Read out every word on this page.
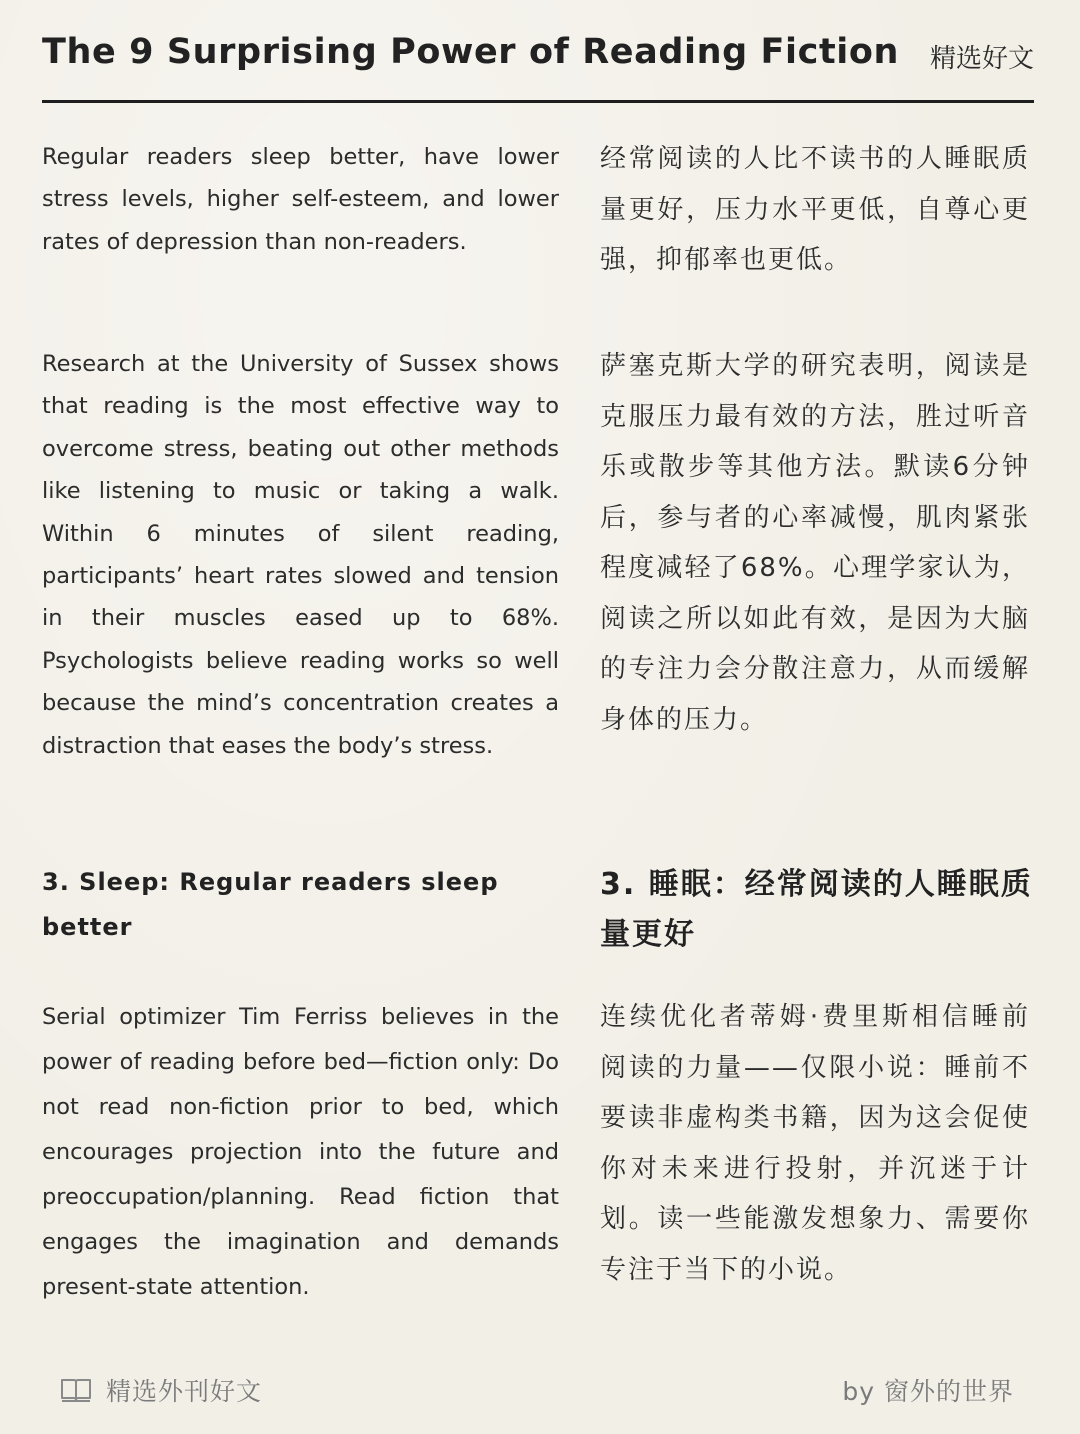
The 9 Surprising Power of Reading Fiction 精选好文

Regular readers sleep better, have lower stress levels, higher self-esteem, and lower rates of depression than non-readers.

经常阅读的人比不读书的人睡眠质量更好，压力水平更低，自尊心更强，抑郁率也更低。

Research at the University of Sussex shows that reading is the most effective way to overcome stress, beating out other methods like listening to music or taking a walk. Within 6 minutes of silent reading, participants’ heart rates slowed and tension in their muscles eased up to 68%. Psychologists believe reading works so well because the mind’s concentration creates a distraction that eases the body’s stress.

萨塞克斯大学的研究表明，阅读是克服压力最有效的方法，胜过听音乐或散步等其他方法。默读6分钟后，参与者的心率减慢，肌肉紧张程度减轻了68%。心理学家认为，阅读之所以如此有效，是因为大脑的专注力会分散注意力，从而缓解身体的压力。

3. Sleep: Regular readers sleep better
3. 睡眠：经常阅读的人睡眠质量更好

Serial optimizer Tim Ferriss believes in the power of reading before bed—fiction only: Do not read non-fiction prior to bed, which encourages projection into the future and preoccupation/planning. Read fiction that engages the imagination and demands present-state attention.

连续优化者蒂姆·费里斯相信睡前阅读的力量——仅限小说：睡前不要读非虚构类书籍，因为这会促使你对未来进行投射，并沉迷于计划。读一些能激发想象力、需要你专注于当下的小说。

精选外刊好文	by 窗外的世界
